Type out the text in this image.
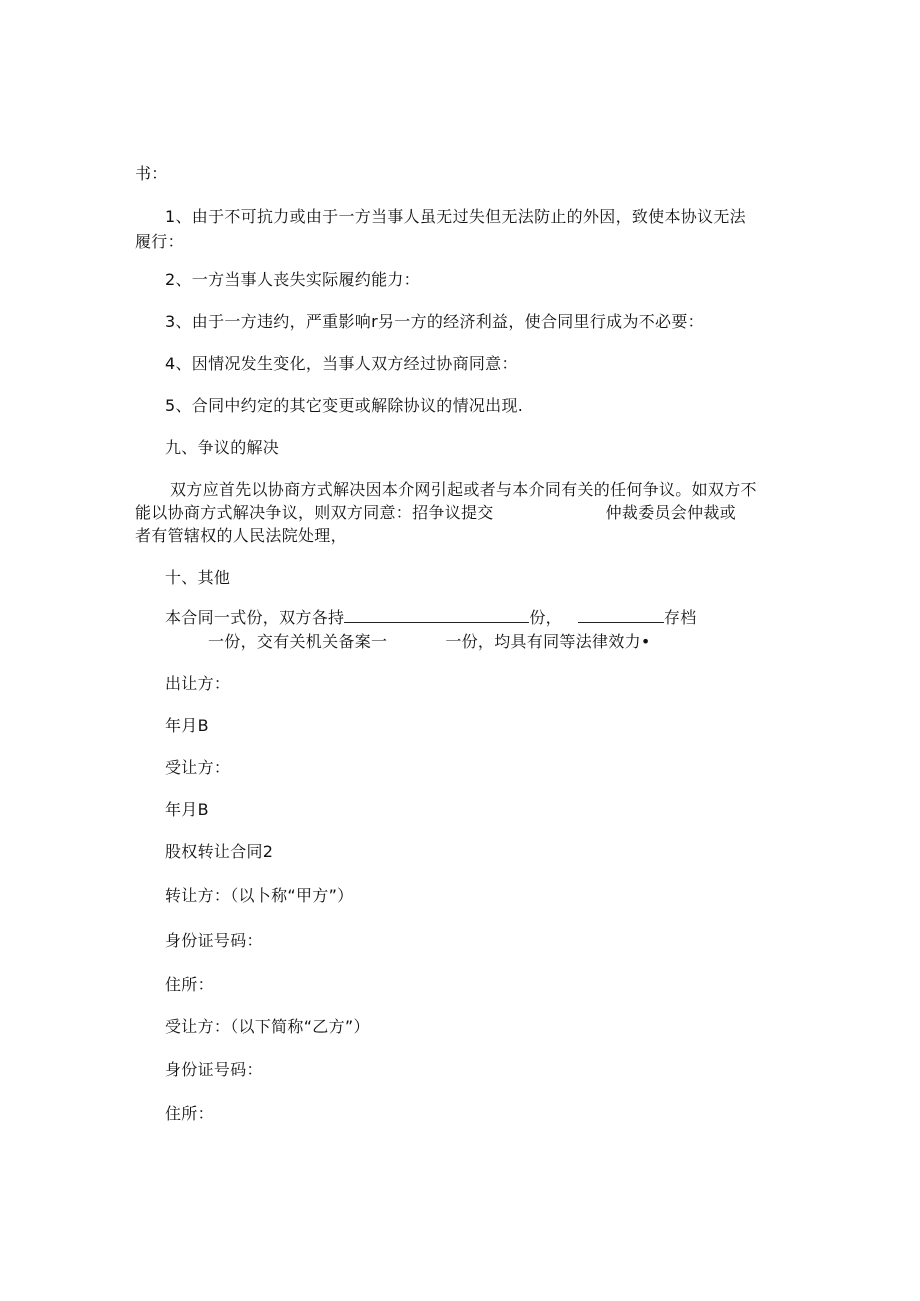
书：
1、由于不可抗力或由于一方当事人虽无过失但无法防止的外因，致使本协议无法
履行：
2、一方当事人丧失实际履约能力：
3、由于一方违约，严重影响r另一方的经济利益，使合同里行成为不必要：
4、因情况发生变化，当事人双方经过协商同意：
5、合同中约定的其它变更或解除协议的情况出现.
九、争议的解决
双方应首先以协商方式解决因本介网引起或者与本介同有关的任何争议。如双方不
能以协商方式解决争议，则双方同意：招争议提交	仲裁委员会仲裁或
者有管辖权的人民法院处理，
十、其他
本合同一式份，双方各持	份，	存档
一份，交有关机关备案一	一份，均具有同等法律效力•
出让方：
年月B
受让方：
年月B
股权转让合同2
转让方：（以卜称“甲方”）
身份证号码：
住所：
受让方：（以下简称“乙方”）
身份证号码：
住所：
